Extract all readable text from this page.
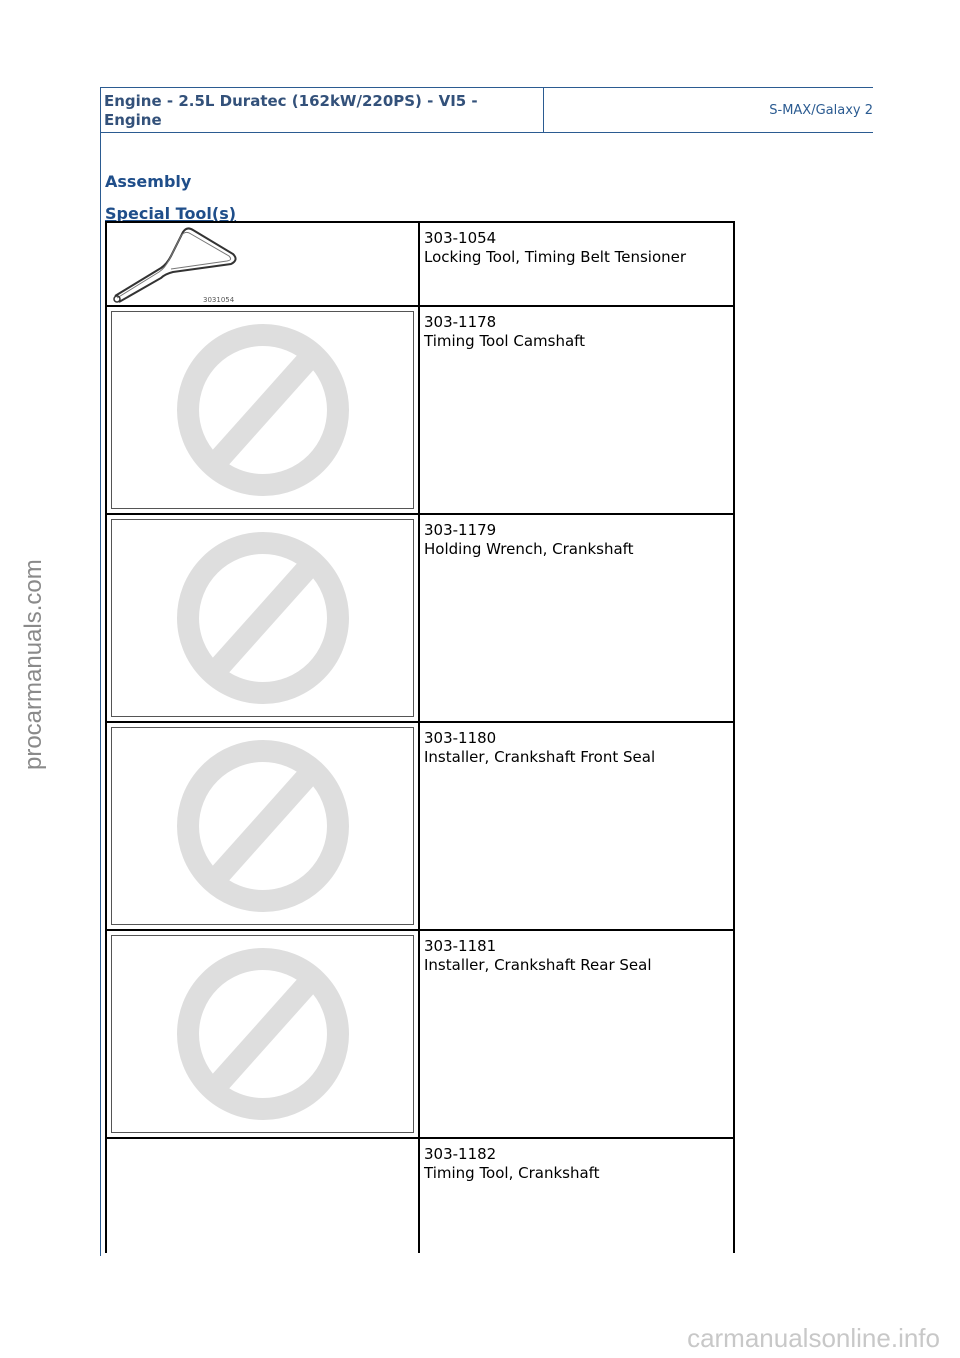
procarmanuals.com
Engine - 2.5L Duratec (162kW/220PS) - VI5 -
Engine
S-MAX/Galaxy 2
Assembly
Special Tool(s)
3031054
303-1054
Locking Tool, Timing Belt Tensioner
303-1178
Timing Tool Camshaft
303-1179
Holding Wrench, Crankshaft
303-1180
Installer, Crankshaft Front Seal
303-1181
Installer, Crankshaft Rear Seal
303-1182
Timing Tool, Crankshaft
carmanualsonline.info
